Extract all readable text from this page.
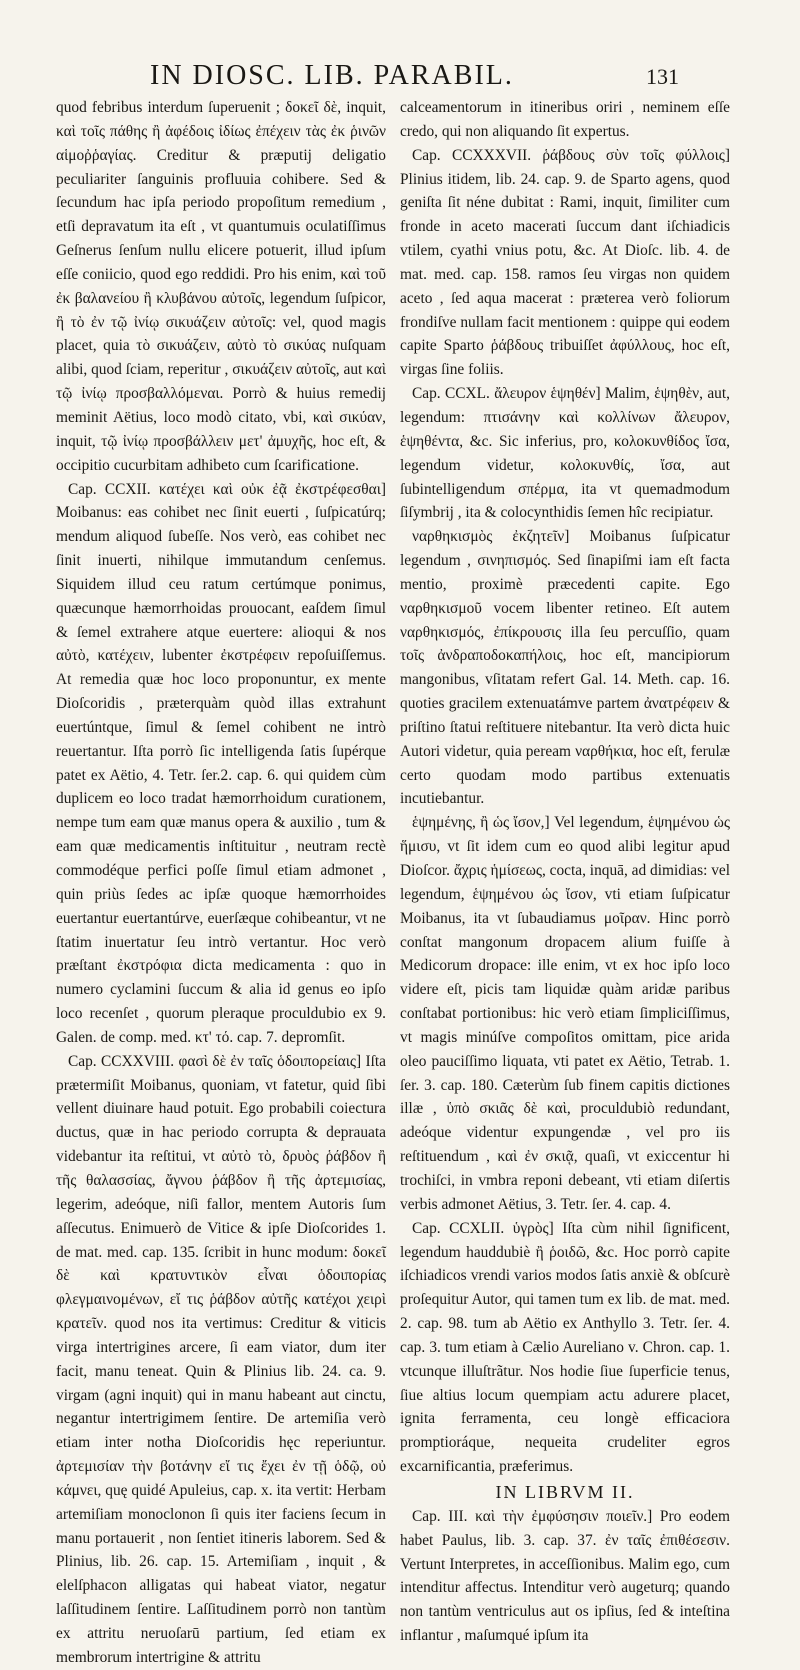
IN DIOSC. LIB. PARABIL.	131

quod febribus interdum ſuperuenit ; δοκεῖ δὲ, inquit, καὶ τοῖς πάθης ἢ ἀφέδοις ἰδίως ἐπέχειν τὰς ἐκ ῥινῶν αἱμοῤῥαγίας. Creditur & præputij deligatio peculiariter ſanguinis profluuia cohibere. Sed & ſecundum hac ipſa periodo propoſitum remedium , etſi depravatum ita eſt , vt quantumuis oculatiſſimus Geſnerus ſenſum nullu elicere potuerit, illud ipſum eſſe coniicio, quod ego reddidi. Pro his enim, καὶ τοῦ ἐκ βαλανείου ἢ κλυβάνου αὐτοῖς, legendum ſuſpicor, ἢ τὸ ἐν τῷ ἰνίῳ σικυάζειν αὐτοῖς: vel, quod magis placet, quia τὸ σικυάζειν, αὐτὸ τὸ σικύας nuſquam alibi, quod ſciam, reperitur , σικυάζειν αὐτοῖς, aut καὶ τῷ ἰνίῳ προσβαλλόμεναι. Porrò & huius remedij meminit Aëtius, loco modò citato, vbi, καὶ σικύαν, inquit, τῷ ἰνίῳ προσβάλλειν μετ' ἀμυχῆς, hoc eſt, & occipitio cucurbitam adhibeto cum ſcarificatione.

Cap. CCXII. κατέχει καὶ οὐκ ἐᾷ ἐκστρέφεσθαι] Moibanus: eas cohibet nec ſinit euerti , ſuſpicatúrq; mendum aliquod ſubeſſe. Nos verò, eas cohibet nec ſinit inuerti, nihilque immutandum cenſemus. Siquidem illud ceu ratum certúmque ponimus, quæcunque hæmorrhoidas prouocant, eaſdem ſimul & ſemel extrahere atque euertere: alioqui & nos αὐτὸ, κατέχειν, lubenter ἐκστρέφειν repoſuiſſemus. At remedia quæ hoc loco proponuntur, ex mente Dioſcoridis , præterquàm quòd illas extrahunt euertúntque, ſimul & ſemel cohibent ne intrò reuertantur. Iſta porrò ſic intelligenda ſatis ſupérque patet ex Aëtio, 4. Tetr. ſer.2. cap. 6. qui quidem cùm duplicem eo loco tradat hæmorrhoidum curationem, nempe tum eam quæ manus opera & auxilio , tum & eam quæ medicamentis inſtituitur , neutram rectè commodéque perfici poſſe ſimul etiam admonet , quin priùs ſedes ac ipſæ quoque hæmorrhoides euertantur euertantúrve, euerſæque cohibeantur, vt ne ſtatim inuertatur ſeu intrò vertantur. Hoc verò præſtant ἐκστρόφια dicta medicamenta : quo in numero cyclamini ſuccum & alia id genus eo ipſo loco recenſet , quorum pleraque proculdubio ex 9. Galen. de comp. med. κτ' τό. cap. 7. depromſit.

Cap. CCXXVIII. φασὶ δὲ ἐν ταῖς ὁδοιπορείαις] Iſta prætermiſit Moibanus, quoniam, vt fatetur, quid ſibi vellent diuinare haud potuit. Ego probabili coiectura ductus, quæ in hac periodo corrupta & deprauata videbantur ita reſtitui, vt αὐτὸ τὸ, δρυὸς ῥάβδον ἢ τῆς θαλασσίας, ἄγνου ῥάβδον ἢ τῆς ἀρτεμισίας, legerim, adeóque, niſi fallor, mentem Autoris ſum aſſecutus. Enimuerò de Vitice & ipſe Dioſcorides 1. de mat. med. cap. 135. ſcribit in hunc modum: δοκεῖ δὲ καὶ κρατυντικὸν εἶναι ὁδοιπορίας φλεγμαινομένων, εἴ τις ῥάβδον αὐτῆς κατέχοι χειρὶ κρατεῖν. quod nos ita vertimus: Creditur & viticis virga intertrigines arcere, ſi eam viator, dum iter facit, manu teneat. Quin & Plinius lib. 24. ca. 9. virgam (agni inquit) qui in manu habeant aut cinctu, negantur intertrigimem ſentire. De artemiſia verò etiam inter notha Dioſcoridis hęc reperiuntur. ἀρτεμισίαν τὴν βοτάνην εἴ τις ἔχει ἐν τῇ ὁδῷ, οὐ κάμνει, quę quidé Apuleius, cap. x. ita vertit: Herbam artemiſiam monoclonon ſi quis iter faciens ſecum in manu portauerit , non ſentiet itineris laborem. Sed & Plinius, lib. 26. cap. 15. Artemiſiam , inquit , & elelſphacon alligatas qui habeat viator, negatur laſſitudinem ſentire. Laſſitudinem porrò non tantùm ex attritu neruoſarū partium, ſed etiam ex membrorum intertrigine & attritu

calceamentorum in itineribus oriri , neminem eſſe credo, qui non aliquando ſit expertus.

Cap. CCXXXVII. ῥάβδους σὺν τοῖς φύλλοις] Plinius itidem, lib. 24. cap. 9. de Sparto agens, quod geniſta ſit néne dubitat : Rami, inquit, ſimiliter cum fronde in aceto macerati ſuccum dant iſchiadicis vtilem, cyathi vnius potu, &c. At Dioſc. lib. 4. de mat. med. cap. 158. ramos ſeu virgas non quidem aceto , ſed aqua macerat : præterea verò foliorum frondiſve nullam facit mentionem : quippe qui eodem capite Sparto ῥάβδους tribuiſſet ἀφύλλους, hoc eſt, virgas ſine foliis.

Cap. CCXL. ἄλευρον ἑψηθέν] Malim, ἑψηθὲν, aut, legendum: πτισάνην καὶ κολλίνων ἄλευρον, ἑψηθέντα, &c. Sic inferius, pro, κολοκυνθίδος ἴσα, legendum videtur, κολοκυνθίς, ἴσα, aut ſubintelligendum σπέρμα, ita vt quemadmodum ſiſymbrij , ita & colocynthidis ſemen hîc recipiatur.

ναρθηκισμὸς ἐκζητεῖν] Moibanus ſuſpicatur legendum , σινηπισμός. Sed ſinapiſmi iam eſt facta mentio, proximè præcedenti capite. Ego ναρθηκισμοῦ vocem libenter retineo. Eſt autem ναρθηκισμός, ἐπίκρουσις illa ſeu percuſſio, quam τοῖς ἀνδραποδοκαπήλοις, hoc eſt, mancipiorum mangonibus, vſitatam refert Gal. 14. Meth. cap. 16. quoties gracilem extenuatámve partem ἀνατρέφειν & priſtino ſtatui reſtituere nitebantur. Ita verò dicta huic Autori videtur, quia peream ναρθήκια, hoc eſt, ferulæ certo quodam modo partibus extenuatis incutiebantur.

ἑψημένης, ἢ ὡς ἴσον,] Vel legendum, ἑψημένου ὡς ἥμισυ, vt ſit idem cum eo quod alibi legitur apud Dioſcor. ἄχρις ἡμίσεως, cocta, inquā, ad dimidias: vel legendum, ἑψημένου ὡς ἴσον, vti etiam ſuſpicatur Moibanus, ita vt ſubaudiamus μοῖραν. Hinc porrò conſtat mangonum dropacem alium fuiſſe à Medicorum dropace: ille enim, vt ex hoc ipſo loco videre eſt, picis tam liquidæ quàm aridæ paribus conſtabat portionibus: hic verò etiam ſimpliciſſimus, vt magis minúſve compoſitos omittam, pice arida oleo pauciſſimo liquata, vti patet ex Aëtio, Tetrab. 1. ſer. 3. cap. 180. Cæterùm ſub finem capitis dictiones illæ , ὑπὸ σκιᾶς δὲ καὶ, proculdubiò redundant, adeóque videntur expungendæ , vel pro iis reſtituendum , καὶ ἐν σκιᾷ, quaſi, vt exiccentur hi trochiſci, in vmbra reponi debeant, vti etiam diſertis verbis admonet Aëtius, 3. Tetr. ſer. 4. cap. 4.

Cap. CCXLII. ὑγρὸς] Iſta cùm nihil ſignificent, legendum hauddubiè ἢ ῥοιδῶ, &c. Hoc porrò capite iſchiadicos vrendi varios modos ſatis anxiè & obſcurè proſequitur Autor, qui tamen tum ex lib. de mat. med. 2. cap. 98. tum ab Aëtio ex Anthyllo 3. Tetr. ſer. 4. cap. 3. tum etiam à Cælio Aureliano v. Chron. cap. 1. vtcunque illuſtrãtur. Nos hodie ſiue ſuperficie tenus, ſiue altius locum quempiam actu adurere placet, ignita ferramenta, ceu longè efficaciora promptioráque, nequeita crudeliter egros excarnificantia, præferimus.

IN LIBRVM II.

Cap. III. καὶ τὴν ἐμφύσησιν ποιεῖν.] Pro eodem habet Paulus, lib. 3. cap. 37. ἐν ταῖς ἐπιθέσεσιν. Vertunt Interpretes, in acceſſionibus. Malim ego, cum intenditur affectus. Intenditur verò augeturq; quando non tantùm ventriculus aut os ipſius, ſed & inteſtina inflantur , maſumqué ipſum ita
